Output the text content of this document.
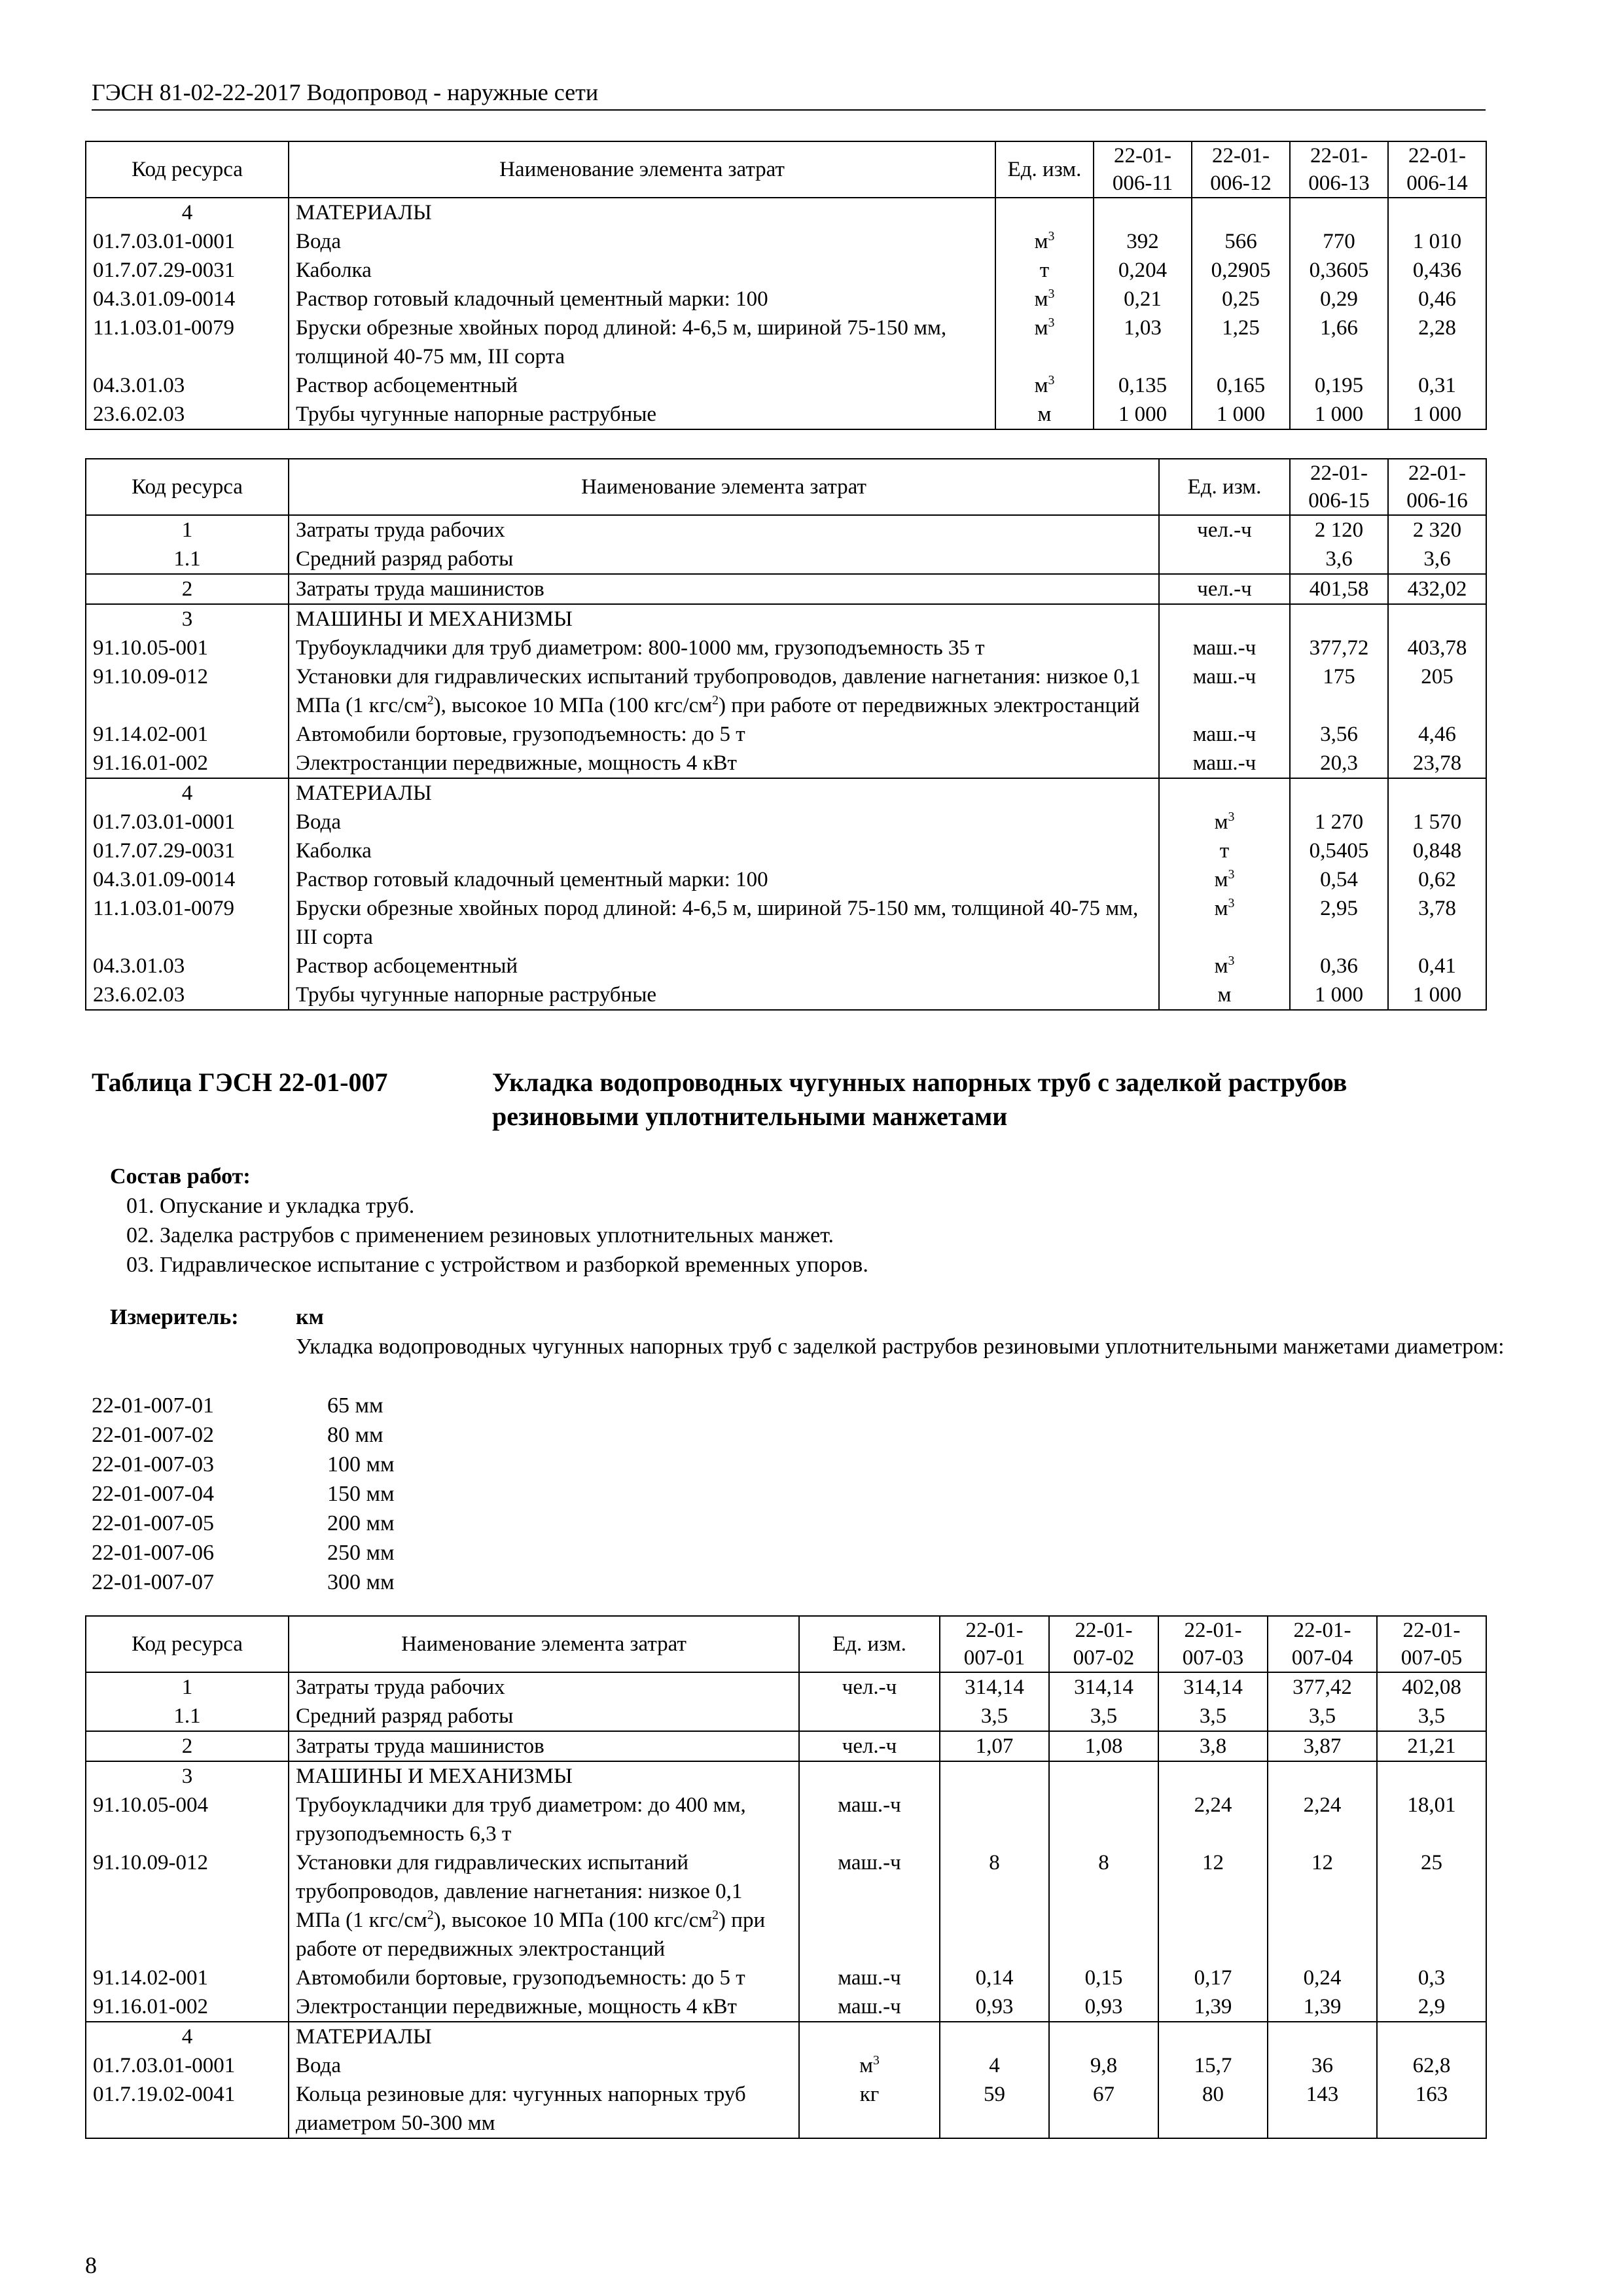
ГЭСН 81-02-22-2017 Водопровод - наружные сети
Код ресурса	Наименование элемента затрат	Ед. изм.	22-01-006-11	22-01-006-12	22-01-006-13	22-01-006-14
4	МАТЕРИАЛЫ					
01.7.03.01-0001	Вода	$м^3$	392	566	770	1 010
01.7.07.29-0031	Каболка	т	0,204	0,2905	0,3605	0,436
04.3.01.09-0014	Раствор готовый кладочный цементный марки: 100	$м^3$	0,21	0,25	0,29	0,46
11.1.03.01-0079	Бруски обрезные хвойных пород длиной: 4-6,5 м, шириной 75-150 мм, толщиной 40-75 мм, III сорта	$м^3$	1,03	1,25	1,66	2,28
04.3.01.03	Раствор асбоцементный	$м^3$	0,135	0,165	0,195	0,31
23.6.02.03	Трубы чугунные напорные раструбные	м	1 000	1 000	1 000	1 000
Код ресурса	Наименование элемента затрат	Ед. изм.	22-01-006-15	22-01-006-16
1	Затраты труда рабочих	чел.-ч	2 120	2 320
1.1	Средний разряд работы		3,6	3,6
2	Затраты труда машинистов	чел.-ч	401,58	432,02
3	МАШИНЫ И МЕХАНИЗМЫ			
91.10.05-001	Трубоукладчики для труб диаметром: 800-1000 мм, грузоподъемность 35 т	маш.-ч	377,72	403,78
91.10.09-012	Установки для гидравлических испытаний трубопроводов, давление нагнетания: низкое 0,1 МПа (1 кгс/$см^2$), высокое 10 МПа (100 кгс/$см^2$) при работе от передвижных электростанций	маш.-ч	175	205
91.14.02-001	Автомобили бортовые, грузоподъемность: до 5 т	маш.-ч	3,56	4,46
91.16.01-002	Электростанции передвижные, мощность 4 кВт	маш.-ч	20,3	23,78
4	МАТЕРИАЛЫ			
01.7.03.01-0001	Вода	$м^3$	1 270	1 570
01.7.07.29-0031	Каболка	т	0,5405	0,848
04.3.01.09-0014	Раствор готовый кладочный цементный марки: 100	$м^3$	0,54	0,62
11.1.03.01-0079	Бруски обрезные хвойных пород длиной: 4-6,5 м, шириной 75-150 мм, толщиной 40-75 мм, III сорта	$м^3$	2,95	3,78
04.3.01.03	Раствор асбоцементный	$м^3$	0,36	0,41
23.6.02.03	Трубы чугунные напорные раструбные	м	1 000	1 000
Таблица ГЭСН 22-01-007	Укладка водопроводных чугунных напорных труб с заделкой раструбов резиновыми уплотнительными манжетами
Состав работ:
01. Опускание и укладка труб.
02. Заделка раструбов с применением резиновых уплотнительных манжет.
03. Гидравлическое испытание с устройством и разборкой временных упоров.
Измеритель:	км
Укладка водопроводных чугунных напорных труб с заделкой раструбов резиновыми уплотнительными манжетами диаметром:
22-01-007-01	65 мм
22-01-007-02	80 мм
22-01-007-03	100 мм
22-01-007-04	150 мм
22-01-007-05	200 мм
22-01-007-06	250 мм
22-01-007-07	300 мм
Код ресурса	Наименование элемента затрат	Ед. изм.	22-01-007-01	22-01-007-02	22-01-007-03	22-01-007-04	22-01-007-05
1	Затраты труда рабочих	чел.-ч	314,14	314,14	314,14	377,42	402,08
1.1	Средний разряд работы		3,5	3,5	3,5	3,5	3,5
2	Затраты труда машинистов	чел.-ч	1,07	1,08	3,8	3,87	21,21
3	МАШИНЫ И МЕХАНИЗМЫ						
91.10.05-004	Трубоукладчики для труб диаметром: до 400 мм, грузоподъемность 6,3 т	маш.-ч			2,24	2,24	18,01
91.10.09-012	Установки для гидравлических испытаний трубопроводов, давление нагнетания: низкое 0,1 МПа (1 кгс/$см^2$), высокое 10 МПа (100 кгс/$см^2$) при работе от передвижных электростанций	маш.-ч	8	8	12	12	25
91.14.02-001	Автомобили бортовые, грузоподъемность: до 5 т	маш.-ч	0,14	0,15	0,17	0,24	0,3
91.16.01-002	Электростанции передвижные, мощность 4 кВт	маш.-ч	0,93	0,93	1,39	1,39	2,9
4	МАТЕРИАЛЫ						
01.7.03.01-0001	Вода	$м^3$	4	9,8	15,7	36	62,8
01.7.19.02-0041	Кольца резиновые для: чугунных напорных труб диаметром 50-300 мм	кг	59	67	80	143	163
8
